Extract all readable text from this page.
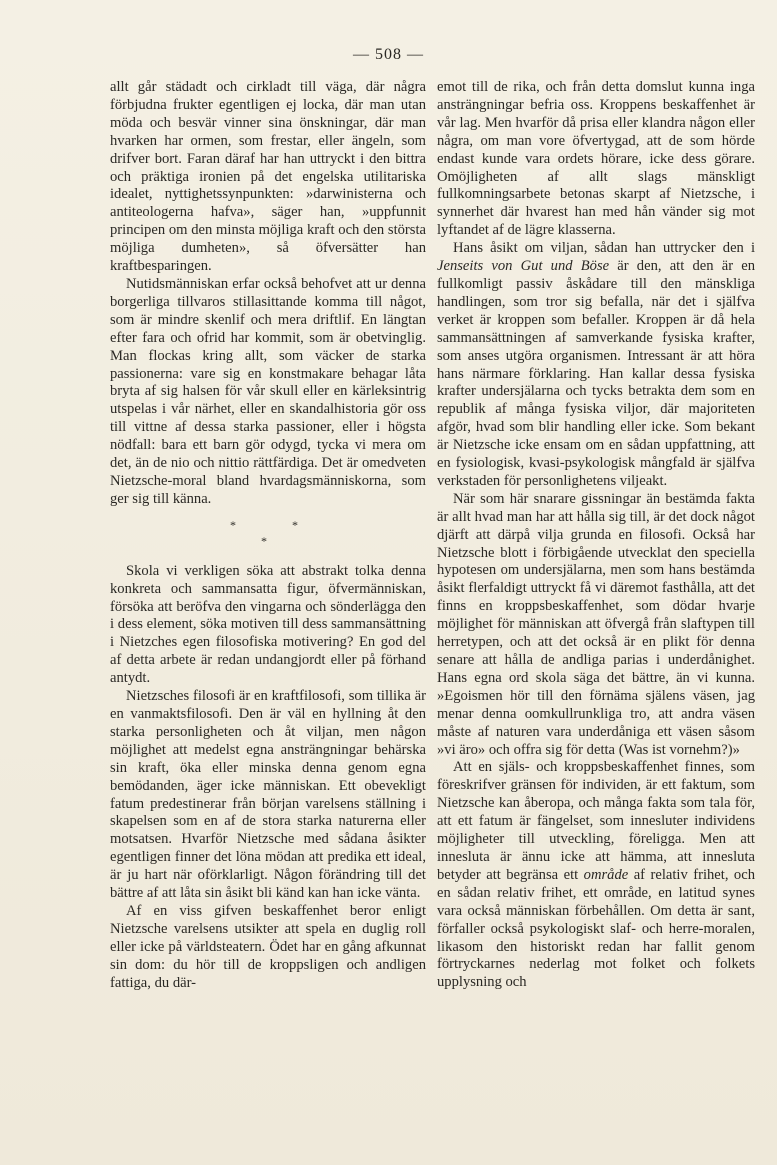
— 508 —

allt går städadt och cirkladt till väga, där några förbjudna frukter egentligen ej locka, där man utan möda och besvär vinner sina önskningar, där man hvarken har ormen, som frestar, eller ängeln, som drifver bort. Faran däraf har han uttryckt i den bittra och präktiga ironien på det engelska utilitariska idealet, nyttighetssynpunkten: »darwinisterna och antiteologerna hafva», säger han, »uppfunnit principen om den minsta möjliga kraft och den största möjliga dumheten», så öfversätter han kraftbesparingen.

Nutidsmänniskan erfar också behofvet att ur denna borgerliga tillvaros stillasittande komma till något, som är mindre skenlif och mera driftlif. En längtan efter fara och ofrid har kommit, som är obetvinglig. Man flockas kring allt, som väcker de starka passionerna: vare sig en konstmakare behagar låta bryta af sig halsen för vår skull eller en kärleksintrig utspelas i vår närhet, eller en skandalhistoria gör oss till vittne af dessa starka passioner, eller i högsta nödfall: bara ett barn gör odygd, tycka vi mera om det, än de nio och nittio rättfärdiga. Det är omedveten Nietzsche-moral bland hvardagsmänniskorna, som ger sig till känna.

*	*
*

Skola vi verkligen söka att abstrakt tolka denna konkreta och sammansatta figur, öfvermänniskan, försöka att beröfva den vingarna och sönderlägga den i dess element, söka motiven till dess sammansättning i Nietzches egen filosofiska motivering? En god del af detta arbete är redan undangjordt eller på förhand antydt.

Nietzsches filosofi är en kraftfilosofi, som tillika är en vanmaktsfilosofi. Den är väl en hyllning åt den starka personligheten och åt viljan, men någon möjlighet att medelst egna ansträngningar behärska sin kraft, öka eller minska denna genom egna bemödanden, äger icke människan. Ett obevekligt fatum predestinerar från början varelsens ställning i skapelsen som en af de stora starka naturerna eller motsatsen. Hvarför Nietzsche med sådana åsikter egentligen finner det löna mödan att predika ett ideal, är ju hart när oförklarligt. Någon förändring till det bättre af att låta sin åsikt bli känd kan han icke vänta.

Af en viss gifven beskaffenhet beror enligt Nietzsche varelsens utsikter att spela en duglig roll eller icke på världsteatern. Ödet har en gång afkunnat sin dom: du hör till de kroppsligen och andligen fattiga, du där-

emot till de rika, och från detta domslut kunna inga ansträngningar befria oss. Kroppens beskaffenhet är vår lag. Men hvarför då prisa eller klandra någon eller några, om man vore öfvertygad, att de som hörde endast kunde vara ordets hörare, icke dess görare. Omöjligheten af allt slags mänskligt fullkomningsarbete betonas skarpt af Nietzsche, i synnerhet där hvarest han med hån vänder sig mot lyftandet af de lägre klasserna.

Hans åsikt om viljan, sådan han uttrycker den i Jenseits von Gut und Böse är den, att den är en fullkomligt passiv åskådare till den mänskliga handlingen, som tror sig befalla, när det i själfva verket är kroppen som befaller. Kroppen är då hela sammansättningen af samverkande fysiska krafter, som anses utgöra organismen. Intressant är att höra hans närmare förklaring. Han kallar dessa fysiska krafter undersjälarna och tycks betrakta dem som en republik af många fysiska viljor, där majoriteten afgör, hvad som blir handling eller icke. Som bekant är Nietzsche icke ensam om en sådan uppfattning, att en fysiologisk, kvasi-psykologisk mångfald är själfva verkstaden för personlighetens viljeakt.

När som här snarare gissningar än bestämda fakta är allt hvad man har att hålla sig till, är det dock något djärft att därpå vilja grunda en filosofi. Också har Nietzsche blott i förbigående utvecklat den speciella hypotesen om undersjälarna, men som hans bestämda åsikt flerfaldigt uttryckt få vi däremot fasthålla, att det finns en kroppsbeskaffenhet, som dödar hvarje möjlighet för människan att öfvergå från slaftypen till herretypen, och att det också är en plikt för denna senare att hålla de andliga parias i underdånighet. Hans egna ord skola säga det bättre, än vi kunna. »Egoismen hör till den förnäma själens väsen, jag menar denna oomkullrunkliga tro, att andra väsen måste af naturen vara underdåniga ett väsen såsom »vi äro» och offra sig för detta (Was ist vornehm?)»

Att en själs- och kroppsbeskaffenhet finnes, som föreskrifver gränsen för individen, är ett faktum, som Nietzsche kan åberopa, och många fakta som tala för, att ett fatum är fängelset, som innesluter individens möjligheter till utveckling, föreligga. Men att innesluta är ännu icke att hämma, att innesluta betyder att begränsa ett område af relativ frihet, och en sådan relativ frihet, ett område, en latitud synes vara också människan förbehållen. Om detta är sant, förfaller också psykologiskt slaf- och herre-moralen, likasom den historiskt redan har fallit genom förtryckarnes nederlag mot folket och folkets upplysning och
